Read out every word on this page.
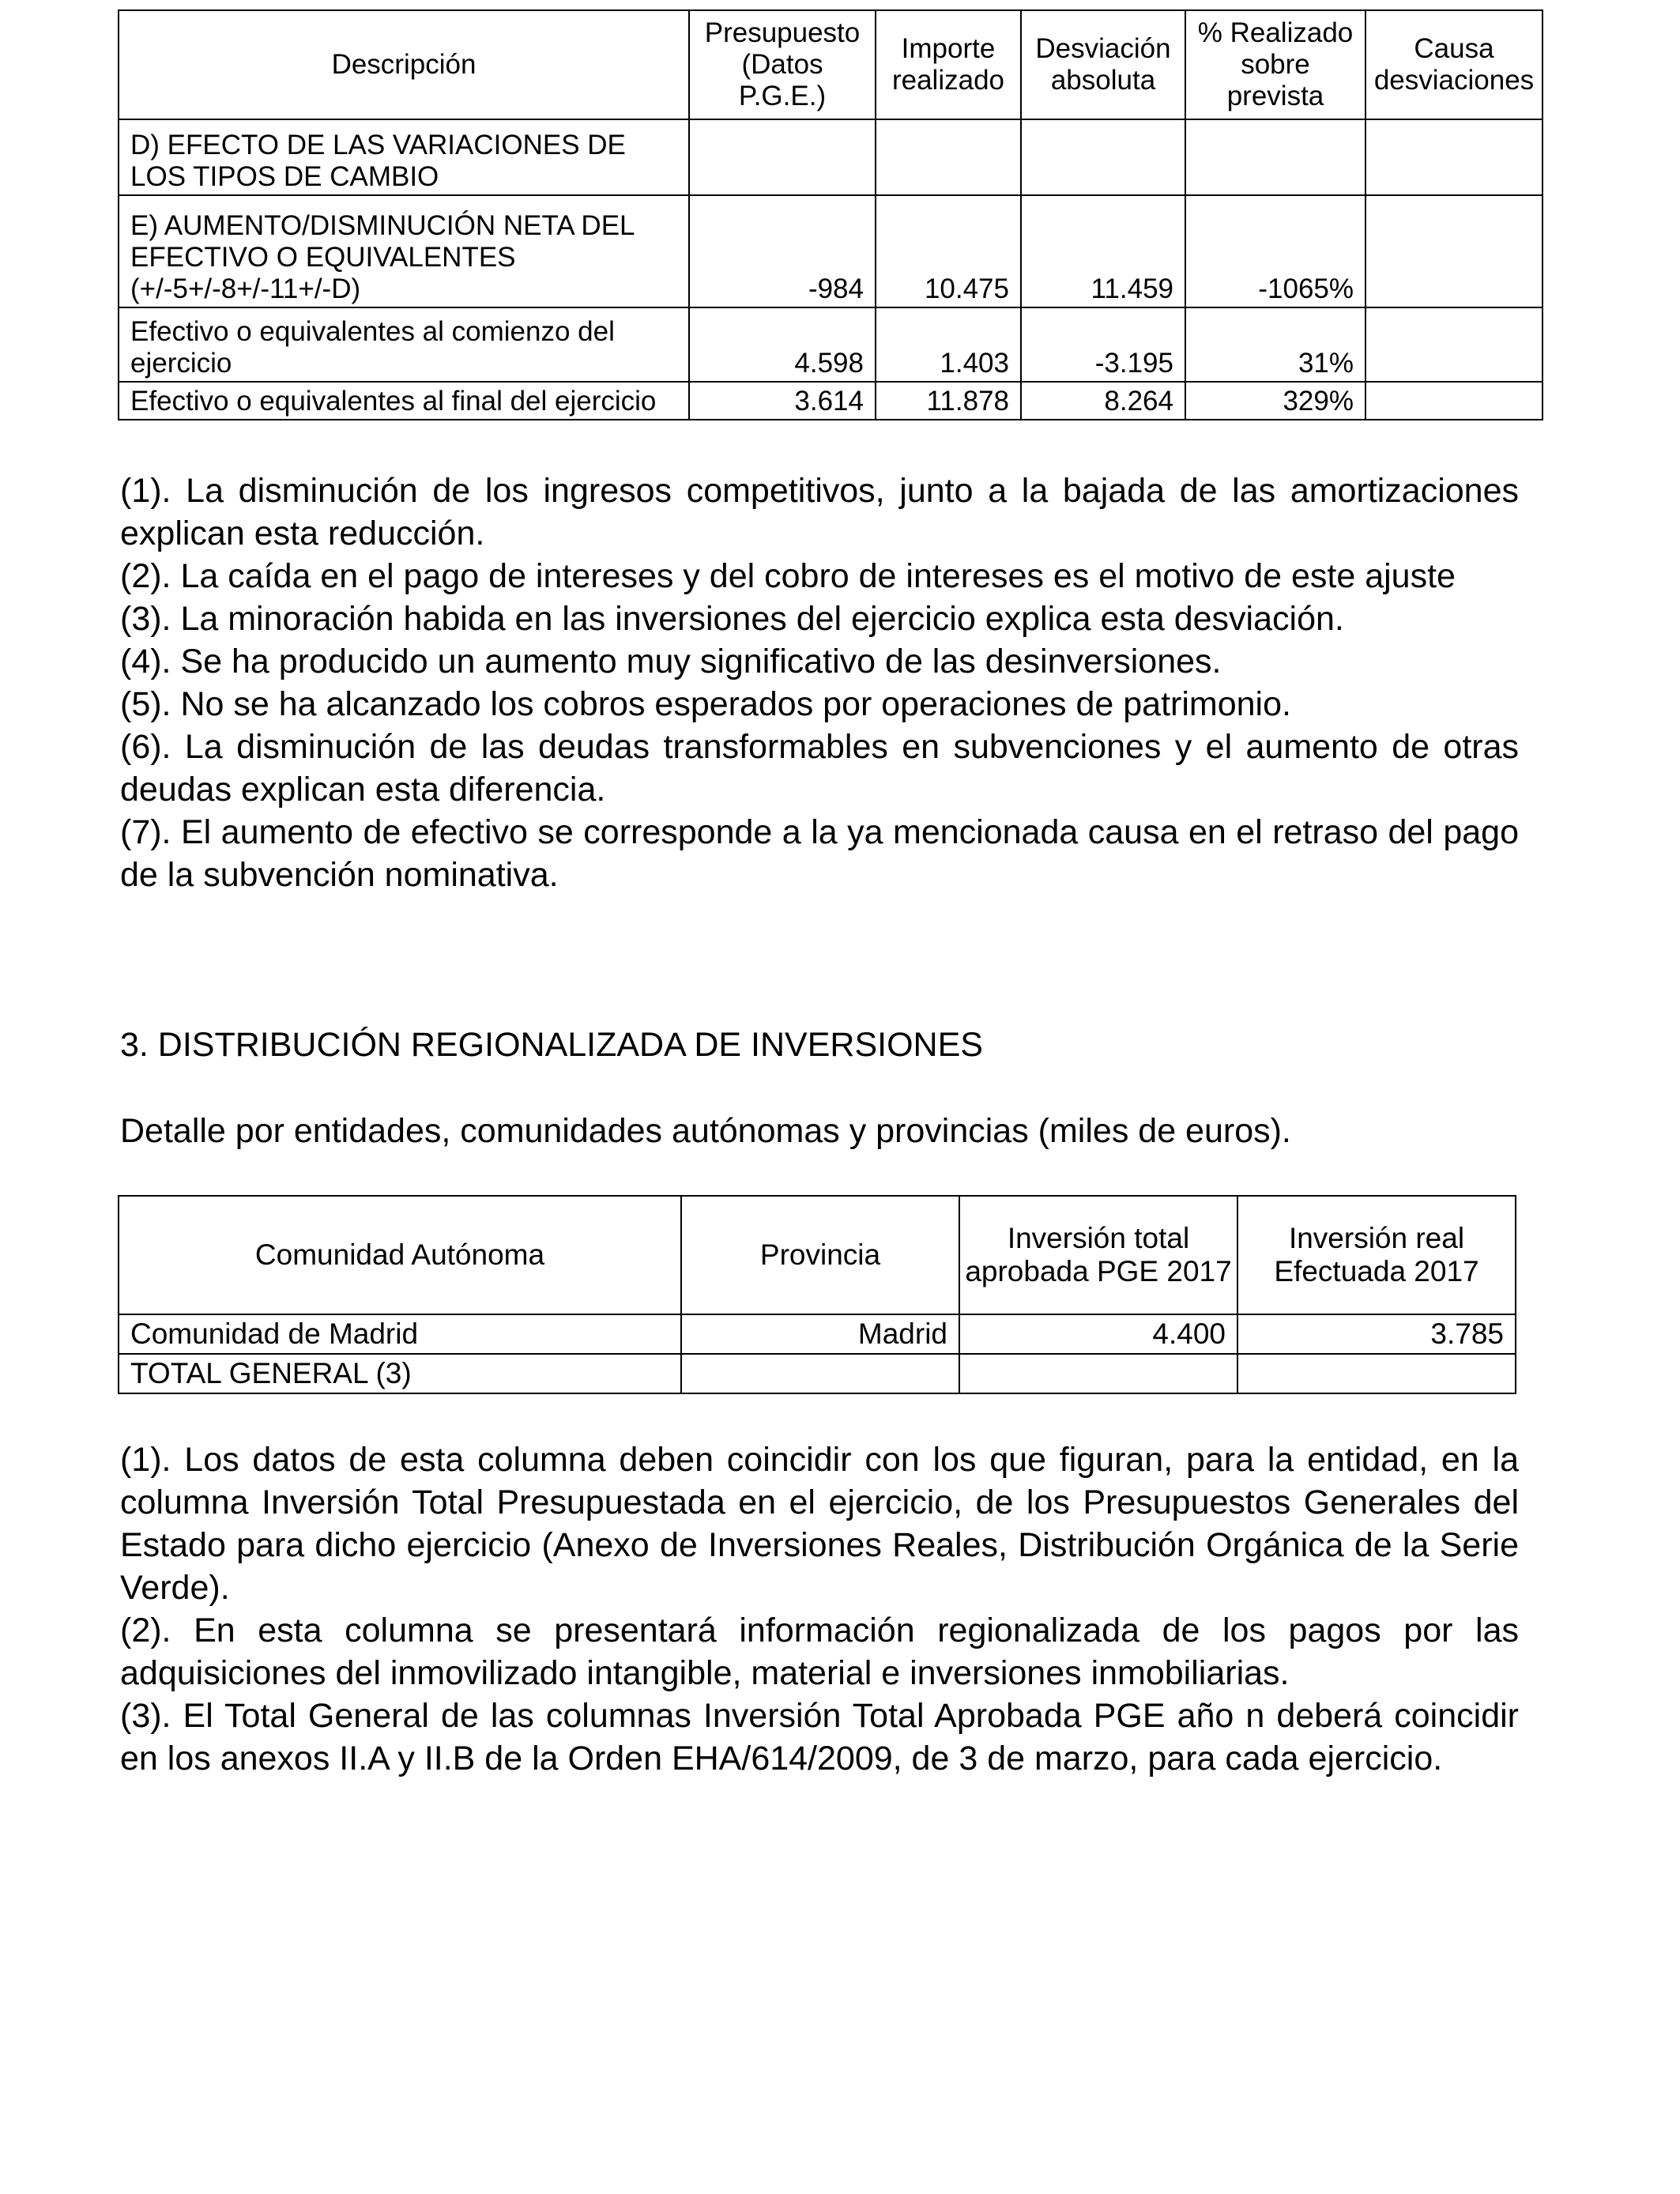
Descripción	Presupuesto (Datos P.G.E.)	Importe realizado	Desviación absoluta	% Realizado sobre prevista	Causa desviaciones
D) EFECTO DE LAS VARIACIONES DE LOS TIPOS DE CAMBIO					
E) AUMENTO/DISMINUCIÓN NETA DEL EFECTIVO O EQUIVALENTES (+/-5+/-8+/-11+/-D)	-984	10.475	11.459	-1065%	
Efectivo o equivalentes al comienzo del ejercicio	4.598	1.403	-3.195	31%	
Efectivo o equivalentes al final del ejercicio	3.614	11.878	8.264	329%	

(1). La disminución de los ingresos competitivos, junto a la bajada de las amortizaciones explican esta reducción.

(2). La caída en el pago de intereses y del cobro de intereses es el motivo de este ajuste

(3). La minoración habida en las inversiones del ejercicio explica esta desviación.

(4). Se ha producido un aumento muy significativo de las desinversiones.

(5). No se ha alcanzado los cobros esperados por operaciones de patrimonio.

(6). La disminución de las deudas transformables en subvenciones y el aumento de otras deudas explican esta diferencia.

(7). El aumento de efectivo se corresponde a la ya mencionada causa en el retraso del pago de la subvención nominativa.

3. DISTRIBUCIÓN REGIONALIZADA DE INVERSIONES

Detalle por entidades, comunidades autónomas y provincias (miles de euros).

Comunidad Autónoma	Provincia	Inversión total aprobada PGE 2017	Inversión real Efectuada 2017
Comunidad de Madrid	Madrid	4.400	3.785
TOTAL GENERAL (3)			

(1). Los datos de esta columna deben coincidir con los que figuran, para la entidad, en la columna Inversión Total Presupuestada en el ejercicio, de los Presupuestos Generales del Estado para dicho ejercicio (Anexo de Inversiones Reales, Distribución Orgánica de la Serie Verde).

(2). En esta columna se presentará información regionalizada de los pagos por las adquisiciones del inmovilizado intangible, material e inversiones inmobiliarias.

(3). El Total General de las columnas Inversión Total Aprobada PGE año n deberá coincidir en los anexos II.A y II.B de la Orden EHA/614/2009, de 3 de marzo, para cada ejercicio.
